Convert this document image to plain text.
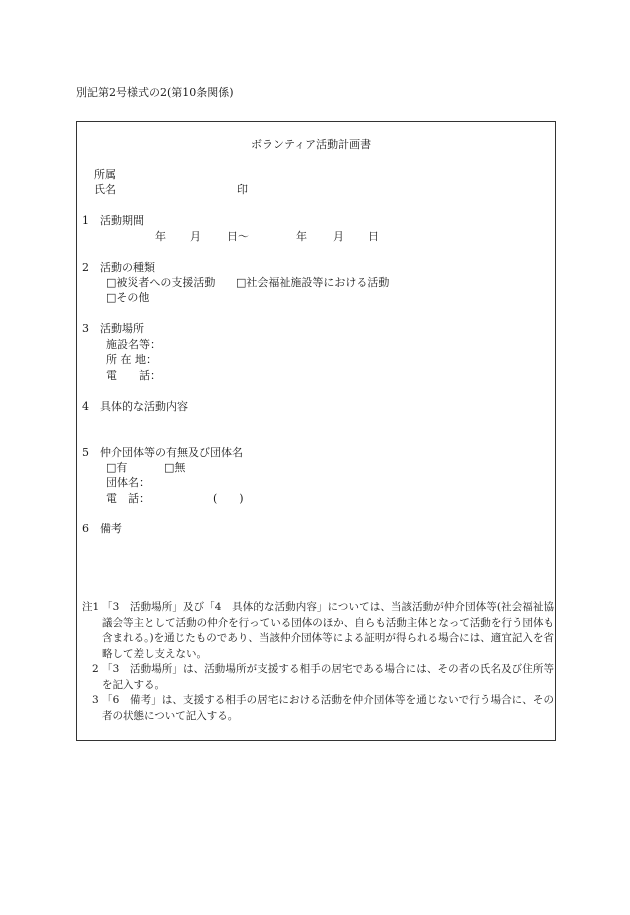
別記第2号様式の2(第10条関係)
ボランティア活動計画書
所属
氏名	印
1　活動期間
年 月 日〜	年 月 日
2　活動の種類
□被災者への支援活動 □社会福祉施設等における活動
□その他
3　活動場所
施設名等：
所 在 地：
電 話：
4　具体的な活動内容
5　仲介団体等の有無及び団体名
□有	□無
団体名：
電　話：	(　　)
6　備考
注1 「3　活動場所」及び「4　具体的な活動内容」については、当該活動が仲介団体等(社会福祉協議会等主として活動の仲介を行っている団体のほか、自らも活動主体となって活動を行う団体も含まれる。)を通じたものであり、当該仲介団体等による証明が得られる場合には、適宜記入を省略して差し支えない。
2 「3　活動場所」は、活動場所が支援する相手の居宅である場合には、その者の氏名及び住所等を記入する。
3 「6　備考」は、支援する相手の居宅における活動を仲介団体等を通じないで行う場合に、その者の状態について記入する。
